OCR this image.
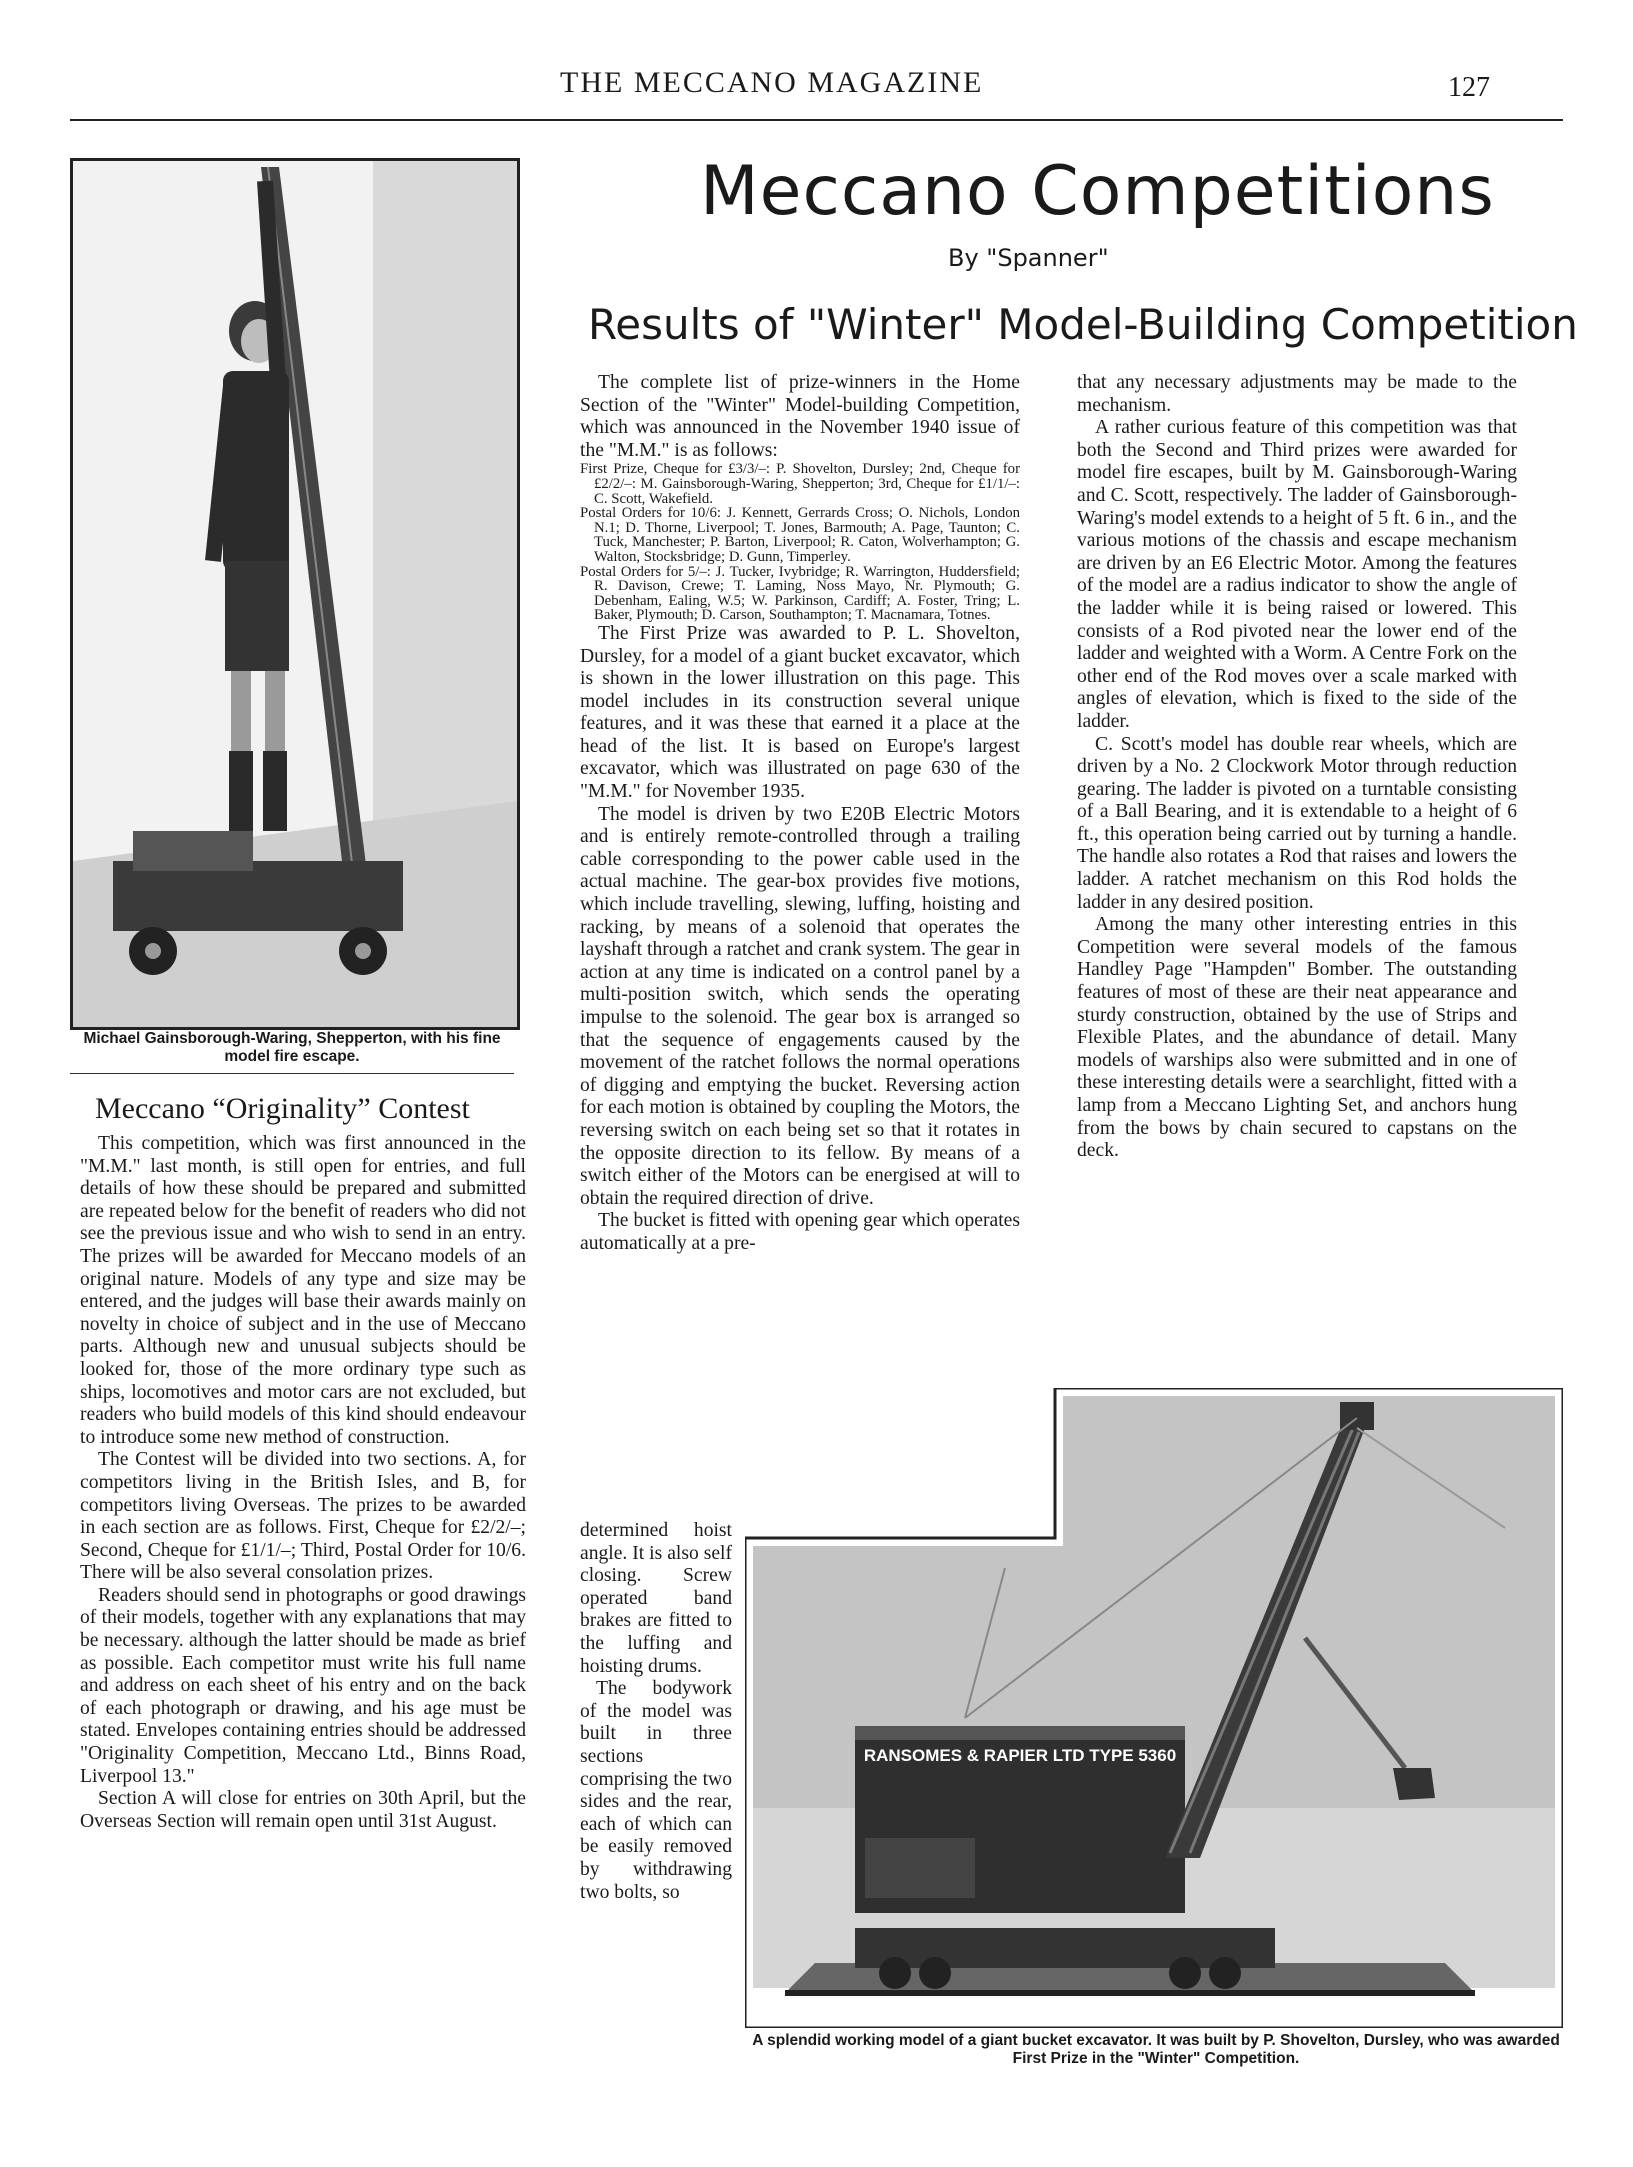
THE MECCANO MAGAZINE	127
Meccano Competitions
By "Spanner"
Results of "Winter" Model-Building Competition
Michael Gainsborough-Waring, Shepperton, with his fine model fire escape.
Meccano “Originality” Contest

This competition, which was first announced in the "M.M." last month, is still open for entries, and full details of how these should be prepared and submitted are repeated below for the benefit of readers who did not see the previous issue and who wish to send in an entry. The prizes will be awarded for Meccano models of an original nature. Models of any type and size may be entered, and the judges will base their awards mainly on novelty in choice of subject and in the use of Meccano parts. Although new and unusual subjects should be looked for, those of the more ordinary type such as ships, locomotives and motor cars are not excluded, but readers who build models of this kind should endeavour to introduce some new method of construction.

The Contest will be divided into two sections. A, for competitors living in the British Isles, and B, for competitors living Overseas. The prizes to be awarded in each section are as follows. First, Cheque for £2/2/–; Second, Cheque for £1/1/–; Third, Postal Order for 10/6. There will be also several consolation prizes.

Readers should send in photographs or good drawings of their models, together with any explanations that may be necessary. although the latter should be made as brief as possible. Each competitor must write his full name and address on each sheet of his entry and on the back of each photograph or drawing, and his age must be stated. Envelopes containing entries should be addressed "Originality Competition, Meccano Ltd., Binns Road, Liverpool 13."

Section A will close for entries on 30th April, but the Overseas Section will remain open until 31st August.

The complete list of prize-winners in the Home Section of the "Winter" Model-building Competition, which was announced in the November 1940 issue of the "M.M." is as follows:

First Prize, Cheque for £3/3/–: P. Shovelton, Dursley; 2nd, Cheque for £2/2/–: M. Gainsborough-Waring, Shepperton; 3rd, Cheque for £1/1/–: C. Scott, Wakefield.

Postal Orders for 10/6: J. Kennett, Gerrards Cross; O. Nichols, London N.1; D. Thorne, Liverpool; T. Jones, Barmouth; A. Page, Taunton; C. Tuck, Manchester; P. Barton, Liverpool; R. Caton, Wolverhampton; G. Walton, Stocksbridge; D. Gunn, Timperley.

Postal Orders for 5/–: J. Tucker, Ivybridge; R. Warrington, Huddersfield; R. Davison, Crewe; T. Laming, Noss Mayo, Nr. Plymouth; G. Debenham, Ealing, W.5; W. Parkinson, Cardiff; A. Foster, Tring; L. Baker, Plymouth; D. Carson, Southampton; T. Macnamara, Totnes.

The First Prize was awarded to P. L. Shovelton, Dursley, for a model of a giant bucket excavator, which is shown in the lower illustration on this page. This model includes in its construction several unique features, and it was these that earned it a place at the head of the list. It is based on Europe's largest excavator, which was illustrated on page 630 of the "M.M." for November 1935.

The model is driven by two E20B Electric Motors and is entirely remote-controlled through a trailing cable corresponding to the power cable used in the actual machine. The gear-box provides five motions, which include travelling, slewing, luffing, hoisting and racking, by means of a solenoid that operates the layshaft through a ratchet and crank system. The gear in action at any time is indicated on a control panel by a multi-position switch, which sends the operating impulse to the solenoid. The gear box is arranged so that the sequence of engagements caused by the movement of the ratchet follows the normal operations of digging and emptying the bucket. Reversing action for each motion is obtained by coupling the Motors, the reversing switch on each being set so that it rotates in the opposite direction to its fellow. By means of a switch either of the Motors can be energised at will to obtain the required direction of drive.

The bucket is fitted with opening gear which operates automatically at a pre-

determined hoist angle. It is also self closing. Screw operated band brakes are fitted to the luffing and hoisting drums.

The bodywork of the model was built in three sections comprising the two sides and the rear, each of which can be easily removed by withdrawing two bolts, so

that any necessary adjustments may be made to the mechanism.

A rather curious feature of this competition was that both the Second and Third prizes were awarded for model fire escapes, built by M. Gainsborough-Waring and C. Scott, respectively. The ladder of Gainsborough-Waring's model extends to a height of 5 ft. 6 in., and the various motions of the chassis and escape mechanism are driven by an E6 Electric Motor. Among the features of the model are a radius indicator to show the angle of the ladder while it is being raised or lowered. This consists of a Rod pivoted near the lower end of the ladder and weighted with a Worm. A Centre Fork on the other end of the Rod moves over a scale marked with angles of elevation, which is fixed to the side of the ladder.

C. Scott's model has double rear wheels, which are driven by a No. 2 Clockwork Motor through reduction gearing. The ladder is pivoted on a turntable consisting of a Ball Bearing, and it is extendable to a height of 6 ft., this operation being carried out by turning a handle. The handle also rotates a Rod that raises and lowers the ladder. A ratchet mechanism on this Rod holds the ladder in any desired position.

Among the many other interesting entries in this Competition were several models of the famous Handley Page "Hampden" Bomber. The outstanding features of most of these are their neat appearance and sturdy construction, obtained by the use of Strips and Flexible Plates, and the abundance of detail. Many models of warships also were submitted and in one of these interesting details were a searchlight, fitted with a lamp from a Meccano Lighting Set, and anchors hung from the bows by chain secured to capstans on the deck.

RANSOMES & RAPIER LTD TYPE 5360
A splendid working model of a giant bucket excavator. It was built by P. Shovelton, Dursley, who was awarded First Prize in the "Winter" Competition.
